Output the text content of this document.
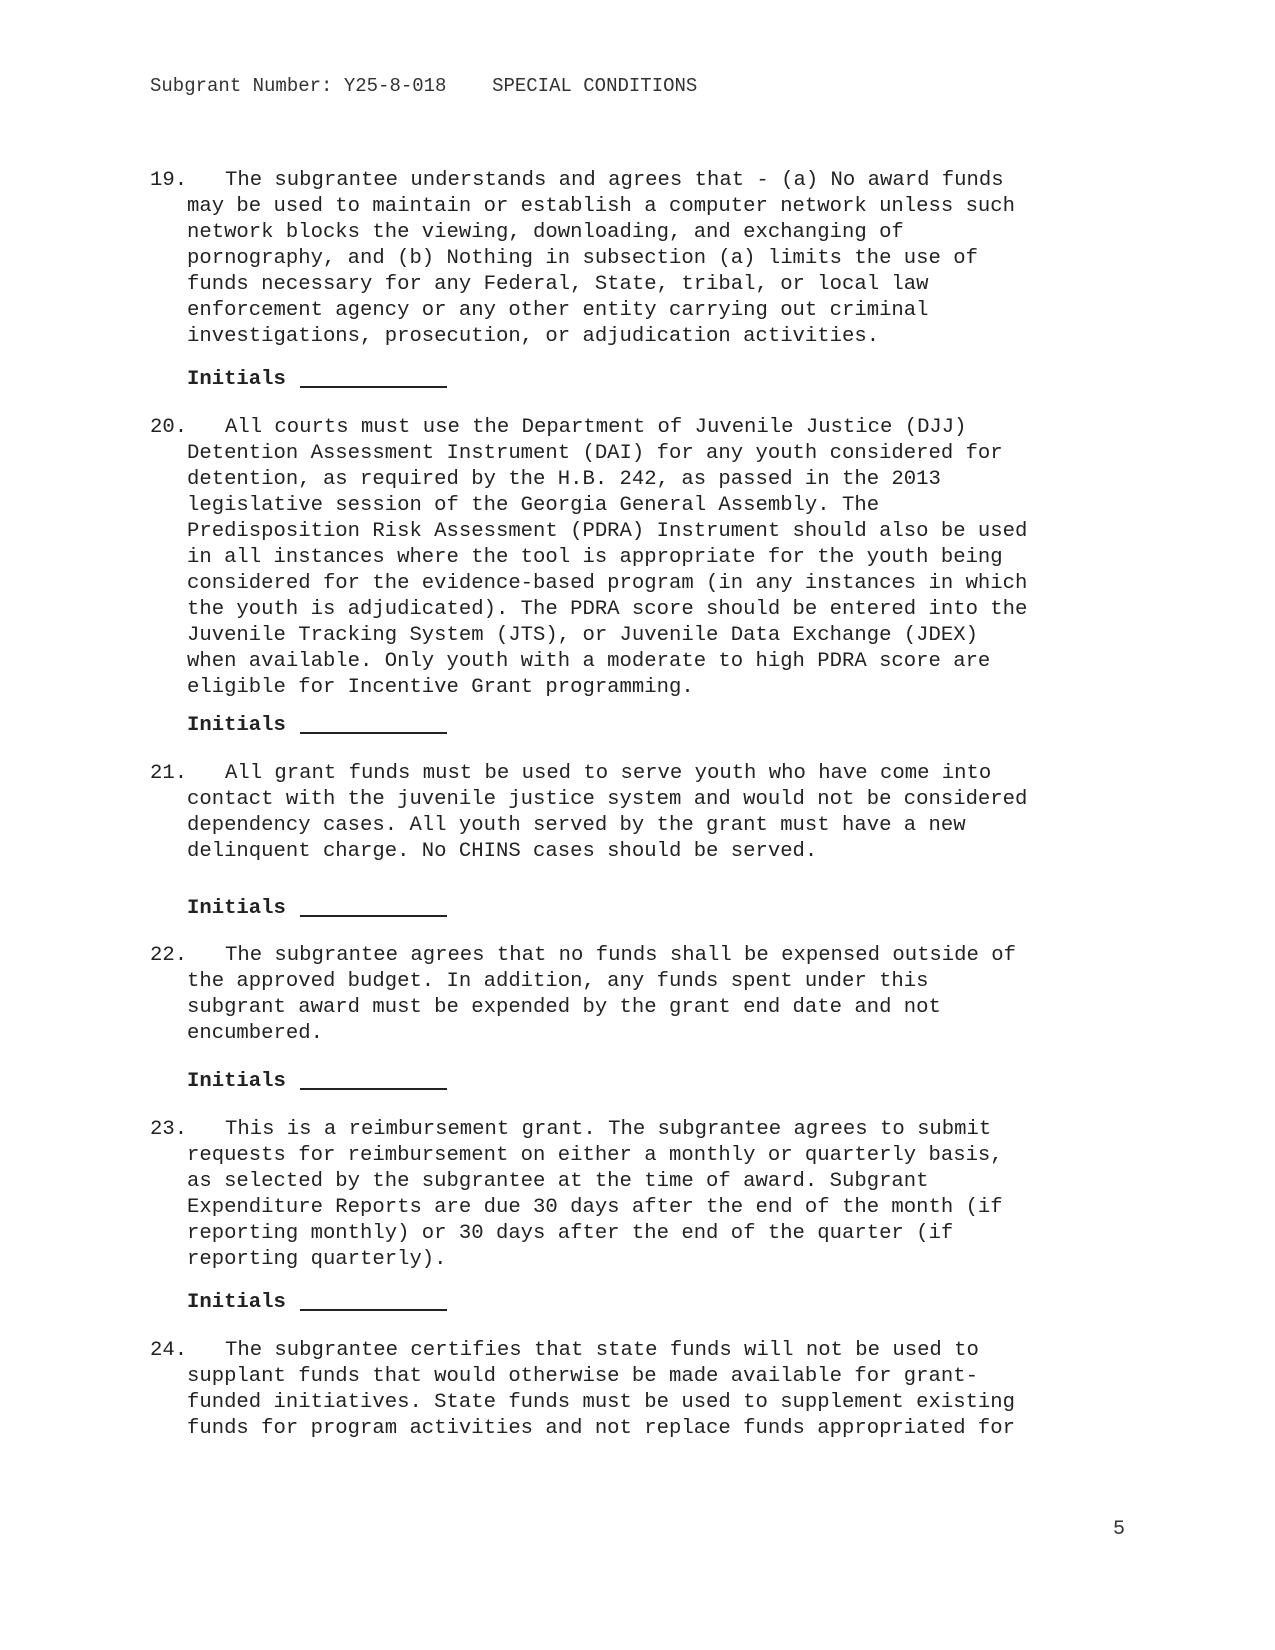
Subgrant Number: Y25-8-018 SPECIAL CONDITIONS
19. The subgrantee understands and agrees that - (a) No award funds
may be used to maintain or establish a computer network unless such
network blocks the viewing, downloading, and exchanging of
pornography, and (b) Nothing in subsection (a) limits the use of
funds necessary for any Federal, State, tribal, or local law
enforcement agency or any other entity carrying out criminal
investigations, prosecution, or adjudication activities.
Initials
20. All courts must use the Department of Juvenile Justice (DJJ)
Detention Assessment Instrument (DAI) for any youth considered for
detention, as required by the H.B. 242, as passed in the 2013
legislative session of the Georgia General Assembly. The
Predisposition Risk Assessment (PDRA) Instrument should also be used
in all instances where the tool is appropriate for the youth being
considered for the evidence-based program (in any instances in which
the youth is adjudicated). The PDRA score should be entered into the
Juvenile Tracking System (JTS), or Juvenile Data Exchange (JDEX)
when available. Only youth with a moderate to high PDRA score are
eligible for Incentive Grant programming.
Initials
21. All grant funds must be used to serve youth who have come into
contact with the juvenile justice system and would not be considered
dependency cases. All youth served by the grant must have a new
delinquent charge. No CHINS cases should be served.
Initials
22. The subgrantee agrees that no funds shall be expensed outside of
the approved budget. In addition, any funds spent under this
subgrant award must be expended by the grant end date and not
encumbered.
Initials
23. This is a reimbursement grant. The subgrantee agrees to submit
requests for reimbursement on either a monthly or quarterly basis,
as selected by the subgrantee at the time of award. Subgrant
Expenditure Reports are due 30 days after the end of the month (if
reporting monthly) or 30 days after the end of the quarter (if
reporting quarterly).
Initials
24. The subgrantee certifies that state funds will not be used to
supplant funds that would otherwise be made available for grant-
funded initiatives. State funds must be used to supplement existing
funds for program activities and not replace funds appropriated for
5
